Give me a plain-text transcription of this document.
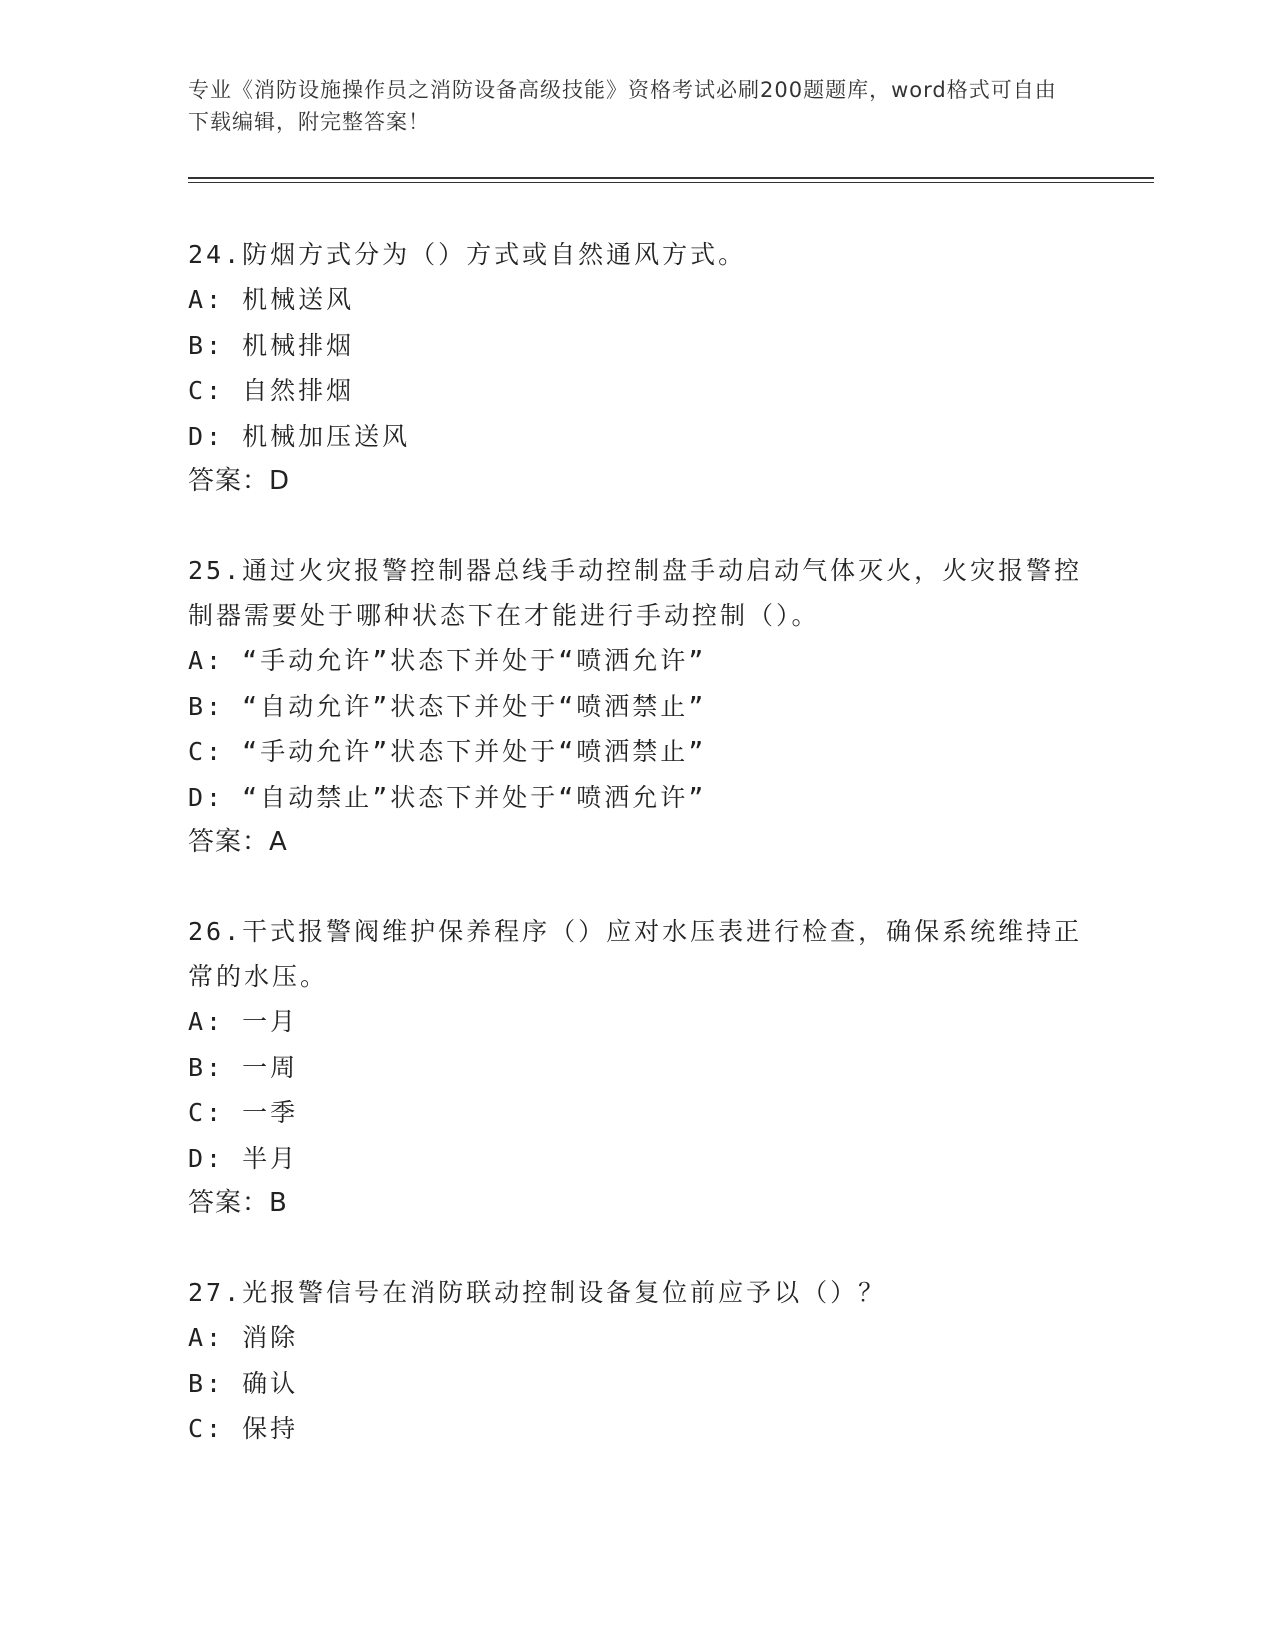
专业《消防设施操作员之消防设备高级技能》资格考试必刷200题题库，word格式可自由下载编辑，附完整答案！

24.防烟方式分为（）方式或自然通风方式。

A: 机械送风

B: 机械排烟

C: 自然排烟

D: 机械加压送风

答案：D

25.通过火灾报警控制器总线手动控制盘手动启动气体灭火，火灾报警控制器需要处于哪种状态下在才能进行手动控制（）。

A: “手动允许”状态下并处于“喷洒允许”

B: “自动允许”状态下并处于“喷洒禁止”

C: “手动允许”状态下并处于“喷洒禁止”

D: “自动禁止”状态下并处于“喷洒允许”

答案：A

26.干式报警阀维护保养程序（）应对水压表进行检查，确保系统维持正常的水压。

A: 一月

B: 一周

C: 一季

D: 半月

答案：B

27.光报警信号在消防联动控制设备复位前应予以（）？

A: 消除

B: 确认

C: 保持
